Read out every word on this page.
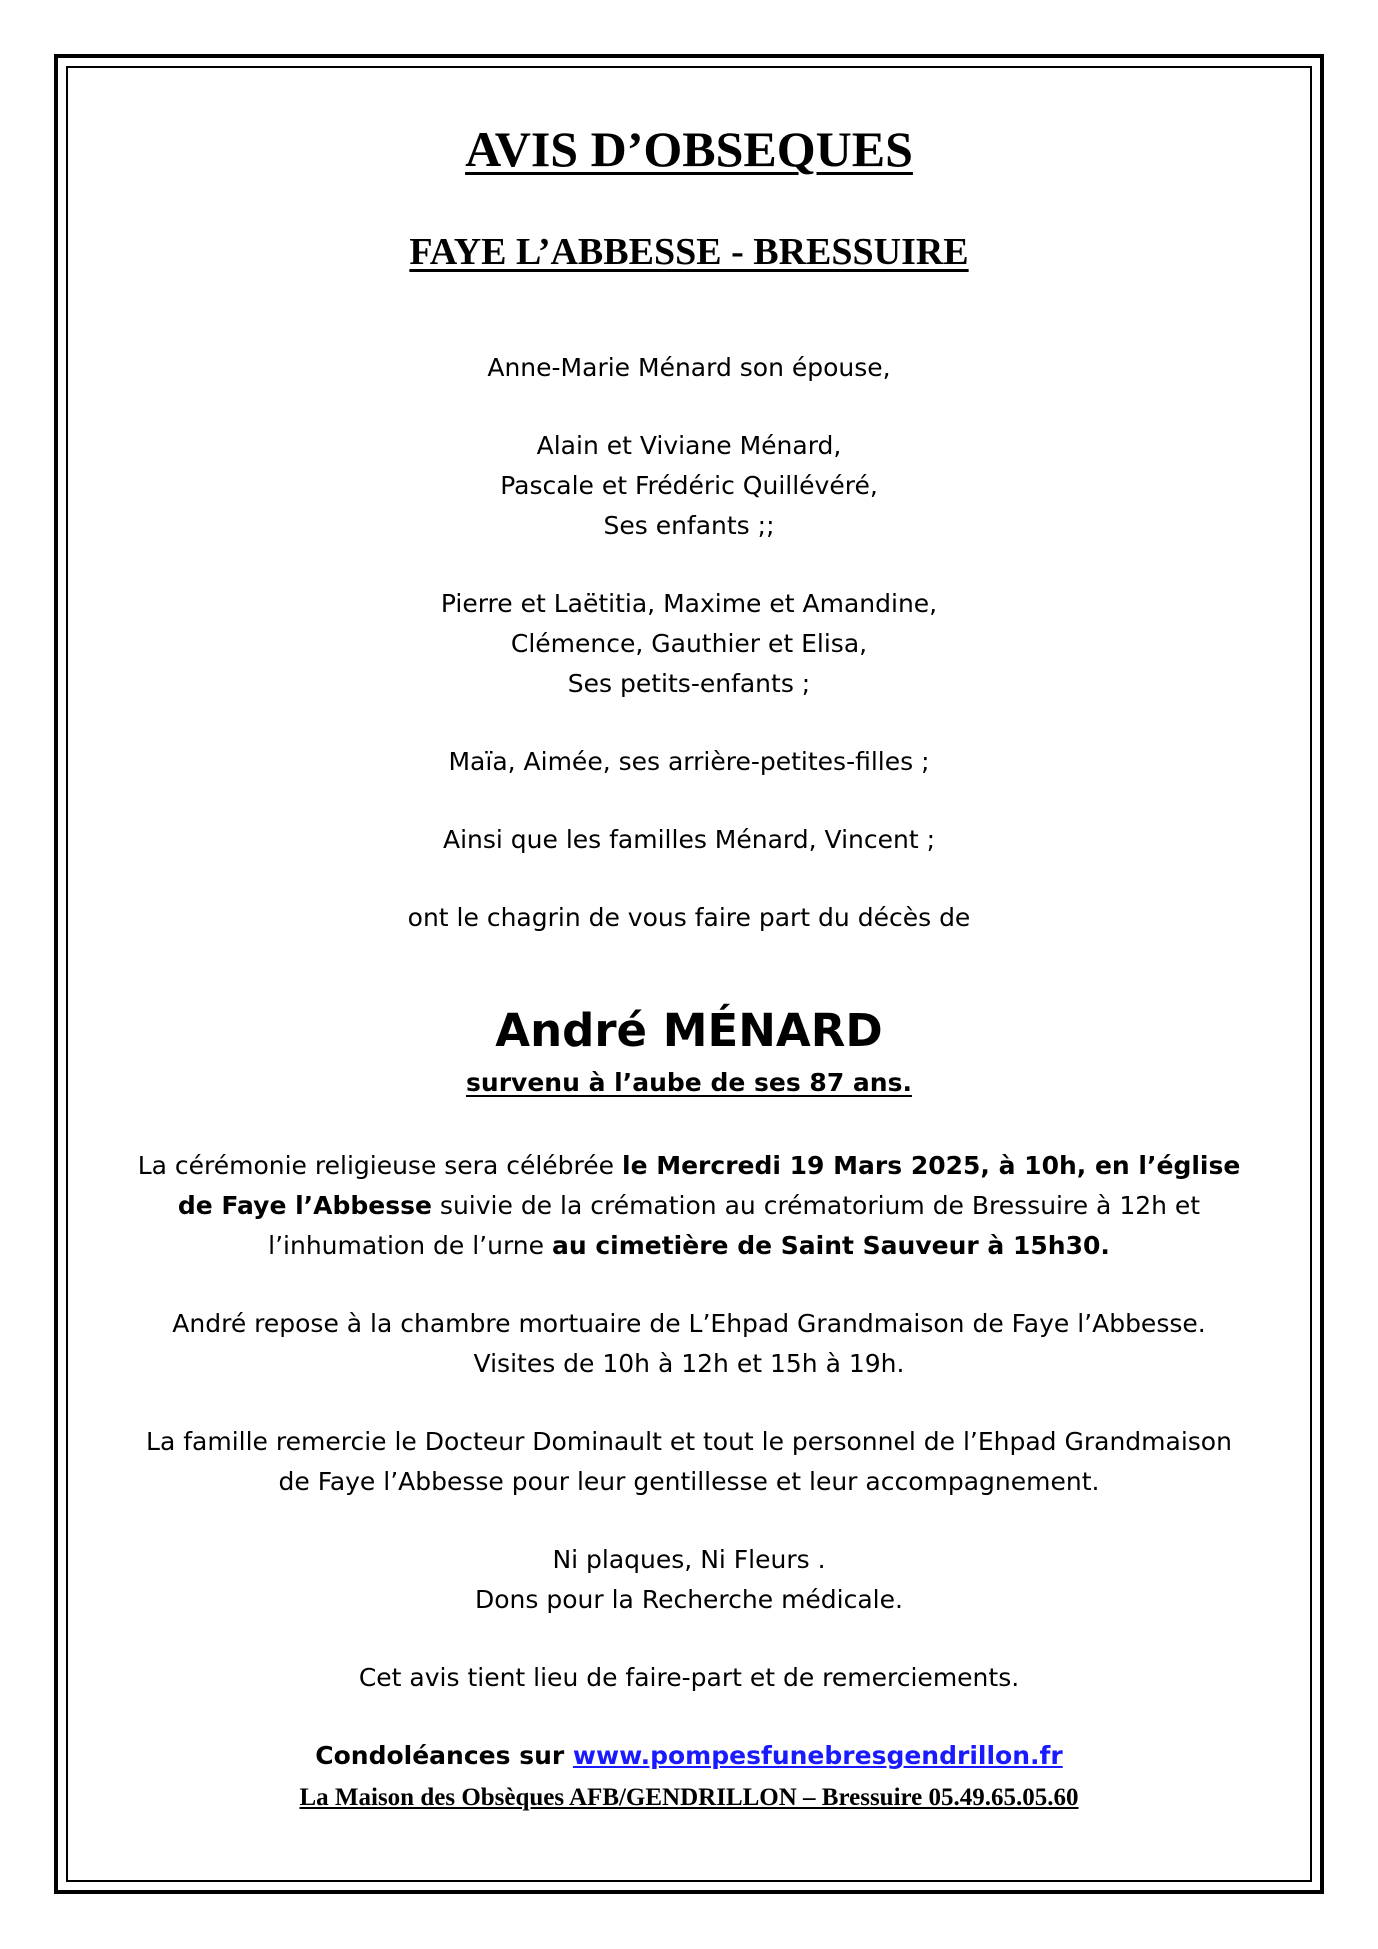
AVIS D’OBSEQUES
FAYE L’ABBESSE - BRESSUIRE

Anne-Marie Ménard son épouse,

Alain et Viviane Ménard,

Pascale et Frédéric Quillévéré,

Ses enfants ;;

Pierre et Laëtitia, Maxime et Amandine,

Clémence, Gauthier et Elisa,

Ses petits-enfants ;

Maïa, Aimée, ses arrière-petites-filles ;

Ainsi que les familles Ménard, Vincent ;

ont le chagrin de vous faire part du décès de

André MÉNARD

survenu à l’aube de ses 87 ans.

La cérémonie religieuse sera célébrée le Mercredi 19 Mars 2025, à 10h, en l’église

de Faye l’Abbesse suivie de la crémation au crématorium de Bressuire à 12h et

l’inhumation de l’urne au cimetière de Saint Sauveur à 15h30.

André repose à la chambre mortuaire de L’Ehpad Grandmaison de Faye l’Abbesse.

Visites de 10h à 12h et 15h à 19h.

La famille remercie le Docteur Dominault et tout le personnel de l’Ehpad Grandmaison

de Faye l’Abbesse pour leur gentillesse et leur accompagnement.

Ni plaques, Ni Fleurs .

Dons pour la Recherche médicale.

Cet avis tient lieu de faire-part et de remerciements.

Condoléances sur www.pompesfunebresgendrillon.fr

La Maison des Obsèques AFB/GENDRILLON – Bressuire 05.49.65.05.60
